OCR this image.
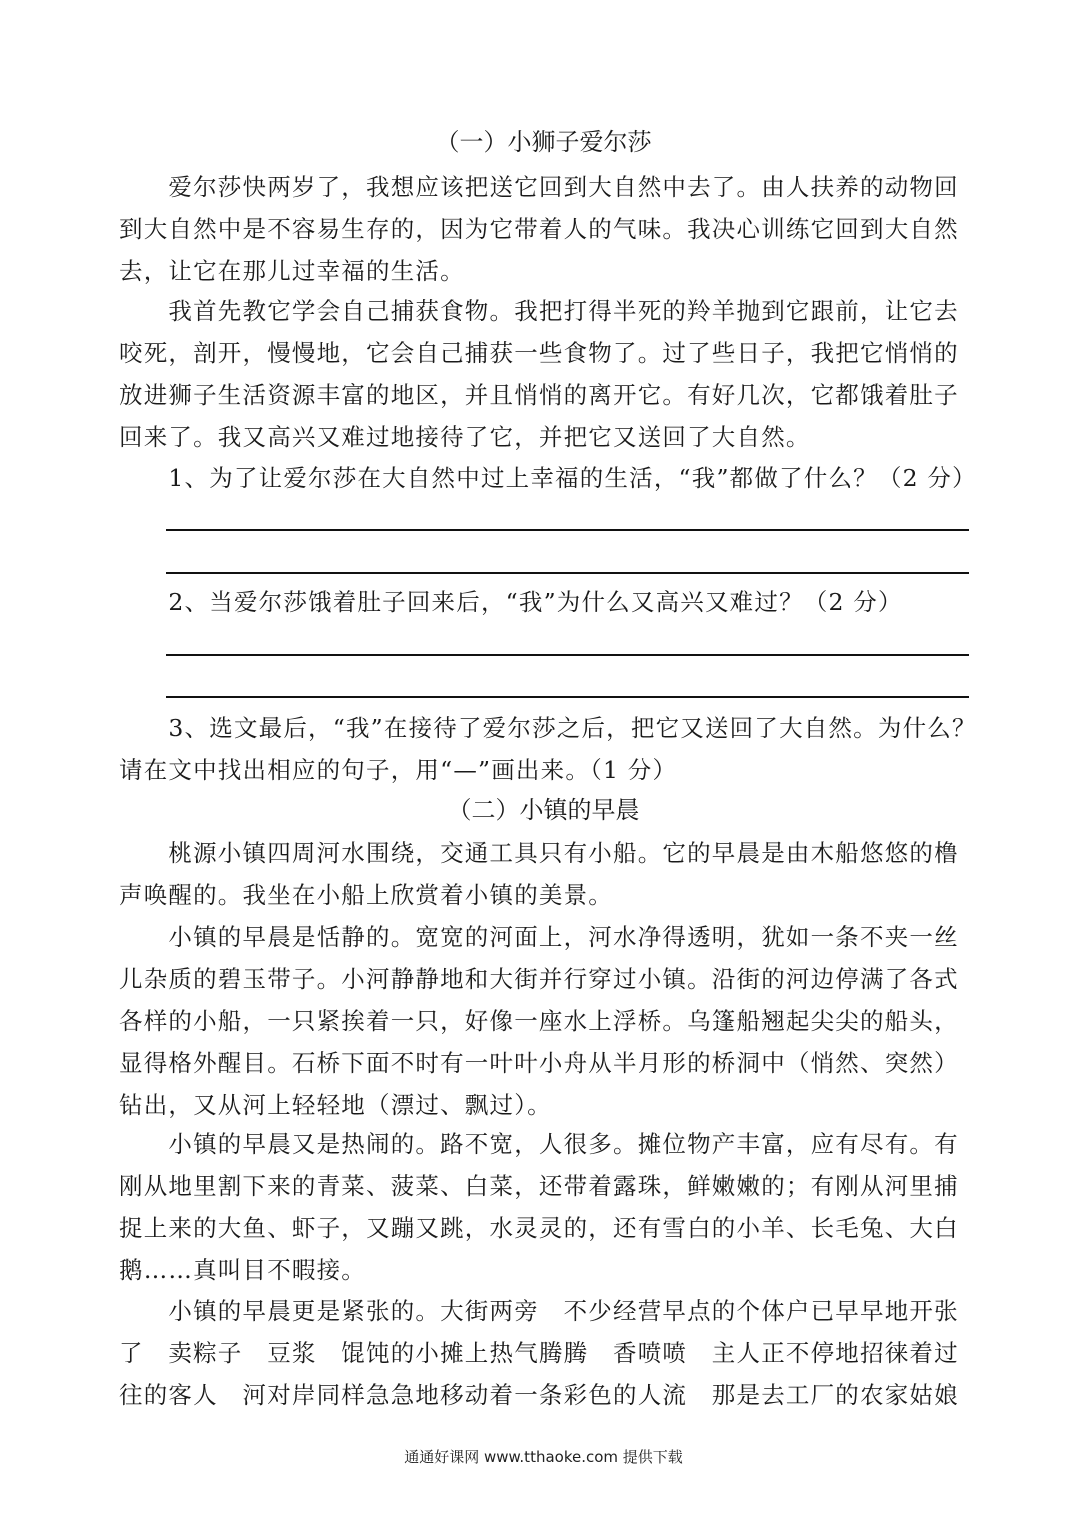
（一）小狮子爱尔莎
　　爱尔莎快两岁了，我想应该把送它回到大自然中去了。由人扶养的动物回
到大自然中是不容易生存的，因为它带着人的气味。我决心训练它回到大自然
去，让它在那儿过幸福的生活。
　　我首先教它学会自己捕获食物。我把打得半死的羚羊抛到它跟前，让它去
咬死，剖开，慢慢地，它会自己捕获一些食物了。过了些日子，我把它悄悄的
放进狮子生活资源丰富的地区，并且悄悄的离开它。有好几次，它都饿着肚子
回来了。我又高兴又难过地接待了它，并把它又送回了大自然。
　　1、为了让爱尔莎在大自然中过上幸福的生活，“我”都做了什么？（2 分）
　　2、当爱尔莎饿着肚子回来后，“我”为什么又高兴又难过？（2 分）
　　3、选文最后，“我”在接待了爱尔莎之后，把它又送回了大自然。为什么？
请在文中找出相应的句子，用“—”画出来。（1 分）
（二）小镇的早晨
　　桃源小镇四周河水围绕，交通工具只有小船。它的早晨是由木船悠悠的橹
声唤醒的。我坐在小船上欣赏着小镇的美景。
　　小镇的早晨是恬静的。宽宽的河面上，河水净得透明，犹如一条不夹一丝
儿杂质的碧玉带子。小河静静地和大街并行穿过小镇。沿街的河边停满了各式
各样的小船，一只紧挨着一只，好像一座水上浮桥。乌篷船翘起尖尖的船头，
显得格外醒目。石桥下面不时有一叶叶小舟从半月形的桥洞中（悄然、突然）
钻出，又从河上轻轻地（漂过、飘过）。
　　小镇的早晨又是热闹的。路不宽，人很多。摊位物产丰富，应有尽有。有
刚从地里割下来的青菜、菠菜、白菜，还带着露珠，鲜嫩嫩的；有刚从河里捕
捉上来的大鱼、虾子，又蹦又跳，水灵灵的，还有雪白的小羊、长毛兔、大白
鹅……真叫目不暇接。
　　小镇的早晨更是紧张的。大街两旁　不少经营早点的个体户已早早地开张
了　卖粽子　豆浆　馄饨的小摊上热气腾腾　香喷喷　主人正不停地招徕着过
往的客人　河对岸同样急急地移动着一条彩色的人流　那是去工厂的农家姑娘
通通好课网 www.tthaoke.com 提供下载
